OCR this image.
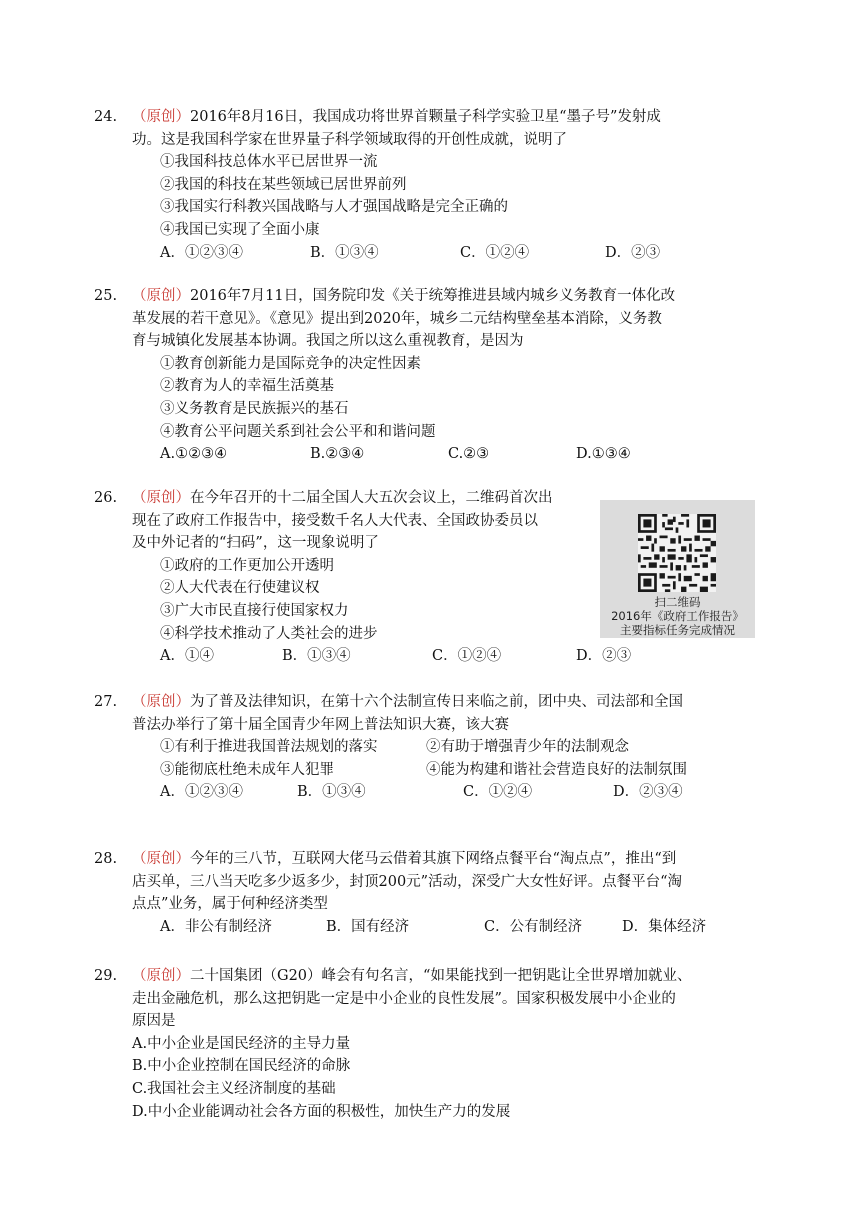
24. （原创）2016年8月16日，我国成功将世界首颗量子科学实验卫星“墨子号”发射成
功。这是我国科学家在世界量子科学领域取得的开创性成就，说明了
①我国科技总体水平已居世界一流
②我国的科技在某些领域已居世界前列
③我国实行科教兴国战略与人才强国战略是完全正确的
④我国已实现了全面小康
A．①②③④	B．①③④	C．①②④	D．②③
25. （原创）2016年7月11日，国务院印发《关于统筹推进县域内城乡义务教育一体化改
革发展的若干意见》。《意见》提出到2020年，城乡二元结构壁垒基本消除，义务教
育与城镇化发展基本协调。我国之所以这么重视教育，是因为
①教育创新能力是国际竞争的决定性因素
②教育为人的幸福生活奠基
③义务教育是民族振兴的基石
④教育公平问题关系到社会公平和和谐问题
A.①②③④	B.②③④	C.②③	D.①③④
26. （原创）在今年召开的十二届全国人大五次会议上，二维码首次出
现在了政府工作报告中，接受数千名人大代表、全国政协委员以
及中外记者的“扫码”，这一现象说明了
①政府的工作更加公开透明
②人大代表在行使建议权
③广大市民直接行使国家权力
④科学技术推动了人类社会的进步
A．①④	B．①③④	C．①②④	D．②③
扫二维码
2016年《政府工作报告》
主要指标任务完成情况
27. （原创）为了普及法律知识，在第十六个法制宣传日来临之前，团中央、司法部和全国
普法办举行了第十届全国青少年网上普法知识大赛，该大赛
①有利于推进我国普法规划的落实	②有助于增强青少年的法制观念
③能彻底杜绝未成年人犯罪	④能为构建和谐社会营造良好的法制氛围
A．①②③④	B．①③④	C．①②④	D．②③④
28. （原创）今年的三八节，互联网大佬马云借着其旗下网络点餐平台“淘点点”，推出“到
店买单，三八当天吃多少返多少，封顶200元”活动，深受广大女性好评。点餐平台“淘
点点”业务，属于何种经济类型
A．非公有制经济	B．国有经济	C．公有制经济	D．集体经济
29. （原创）二十国集团（G20）峰会有句名言，“如果能找到一把钥匙让全世界增加就业、
走出金融危机，那么这把钥匙一定是中小企业的良性发展”。国家积极发展中小企业的
原因是
A.中小企业是国民经济的主导力量
B.中小企业控制在国民经济的命脉
C.我国社会主义经济制度的基础
D.中小企业能调动社会各方面的积极性，加快生产力的发展
